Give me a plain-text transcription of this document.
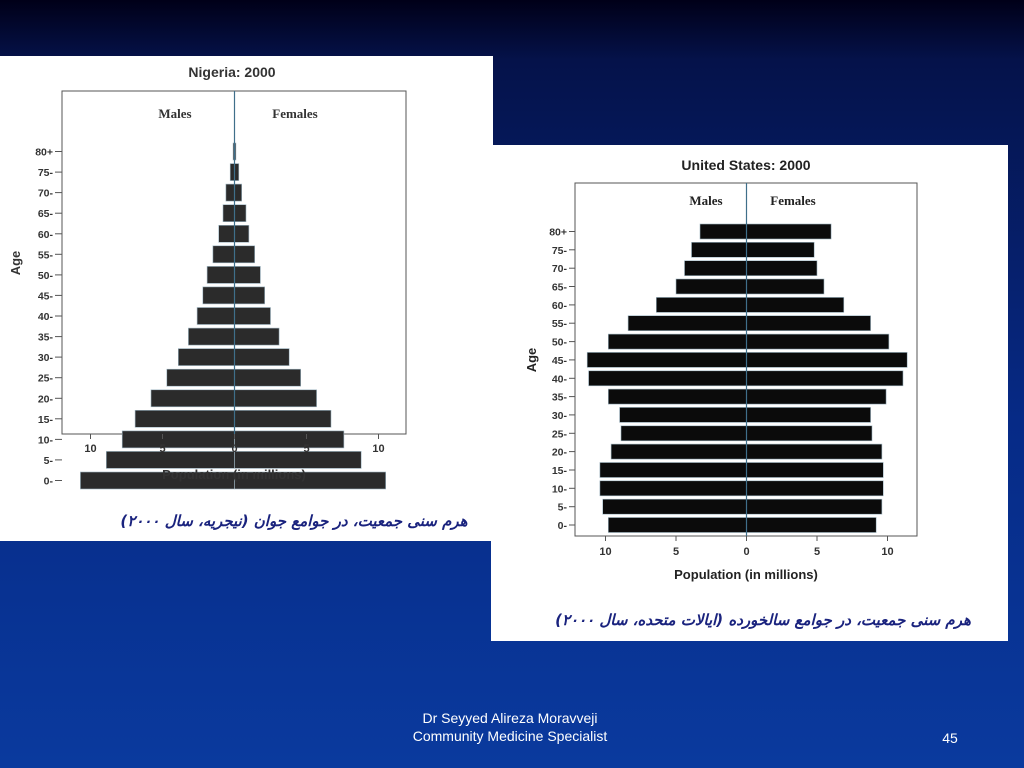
0-
5-
10-
15-
20-
25-
30-
35-
40-
45-
50-
55-
60-
65-
70-
75-
80+
10	5	0	5	10
Nigeria: 2000
Males	Females
Population (in millions)
Age
هرم سنی جمعیت، در جوامع جوان (نیجریه، سال ۲۰۰۰)	0-
5-
10-
15-
20-
25-
30-
35-
40-
45-
50-
55-
60-
65-
70-
75-
80+
10	5	0	5	10
United States: 2000
Males	Females
Population (in millions)
Age
هرم سنی جمعیت، در جوامع سالخورده (ایالات متحده، سال ۲۰۰۰)
Dr Seyyed Alireza Moravveji
Community Medicine Specialist	45
